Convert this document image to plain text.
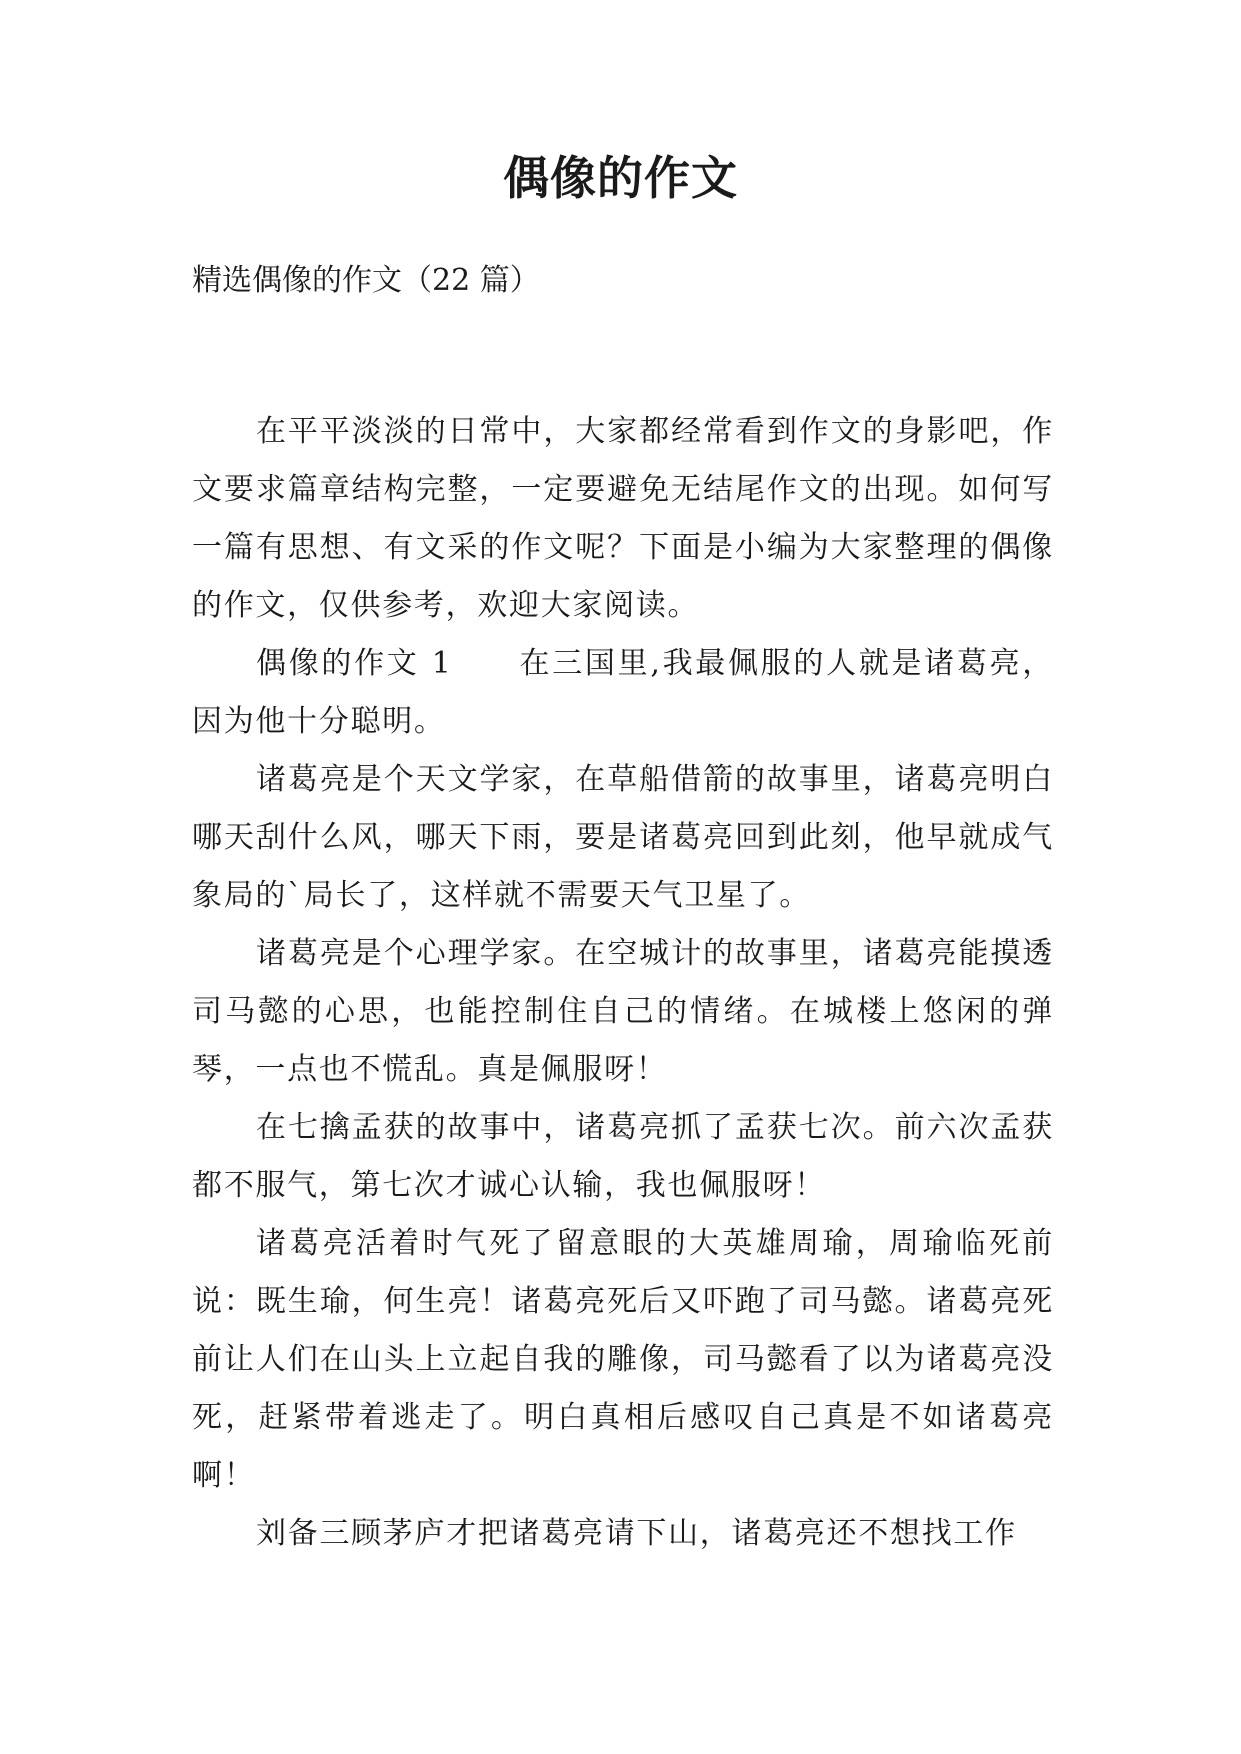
偶像的作文

精选偶像的作文（22 篇）

在平平淡淡的日常中，大家都经常看到作文的身影吧，作文要求篇章结构完整，一定要避免无结尾作文的出现。如何写一篇有思想、有文采的作文呢？下面是小编为大家整理的偶像的作文，仅供参考，欢迎大家阅读。

偶像的作文 1 在三国里,我最佩服的人就是诸葛亮，因为他十分聪明。

诸葛亮是个天文学家，在草船借箭的故事里，诸葛亮明白哪天刮什么风，哪天下雨，要是诸葛亮回到此刻，他早就成气象局的`局长了，这样就不需要天气卫星了。

诸葛亮是个心理学家。在空城计的故事里，诸葛亮能摸透司马懿的心思，也能控制住自己的情绪。在城楼上悠闲的弹琴，一点也不慌乱。真是佩服呀！

在七擒孟获的故事中，诸葛亮抓了孟获七次。前六次孟获都不服气，第七次才诚心认输，我也佩服呀！

诸葛亮活着时气死了留意眼的大英雄周瑜，周瑜临死前说：既生瑜，何生亮！诸葛亮死后又吓跑了司马懿。诸葛亮死前让人们在山头上立起自我的雕像，司马懿看了以为诸葛亮没死，赶紧带着逃走了。明白真相后感叹自己真是不如诸葛亮啊！

刘备三顾茅庐才把诸葛亮请下山，诸葛亮还不想找工作
